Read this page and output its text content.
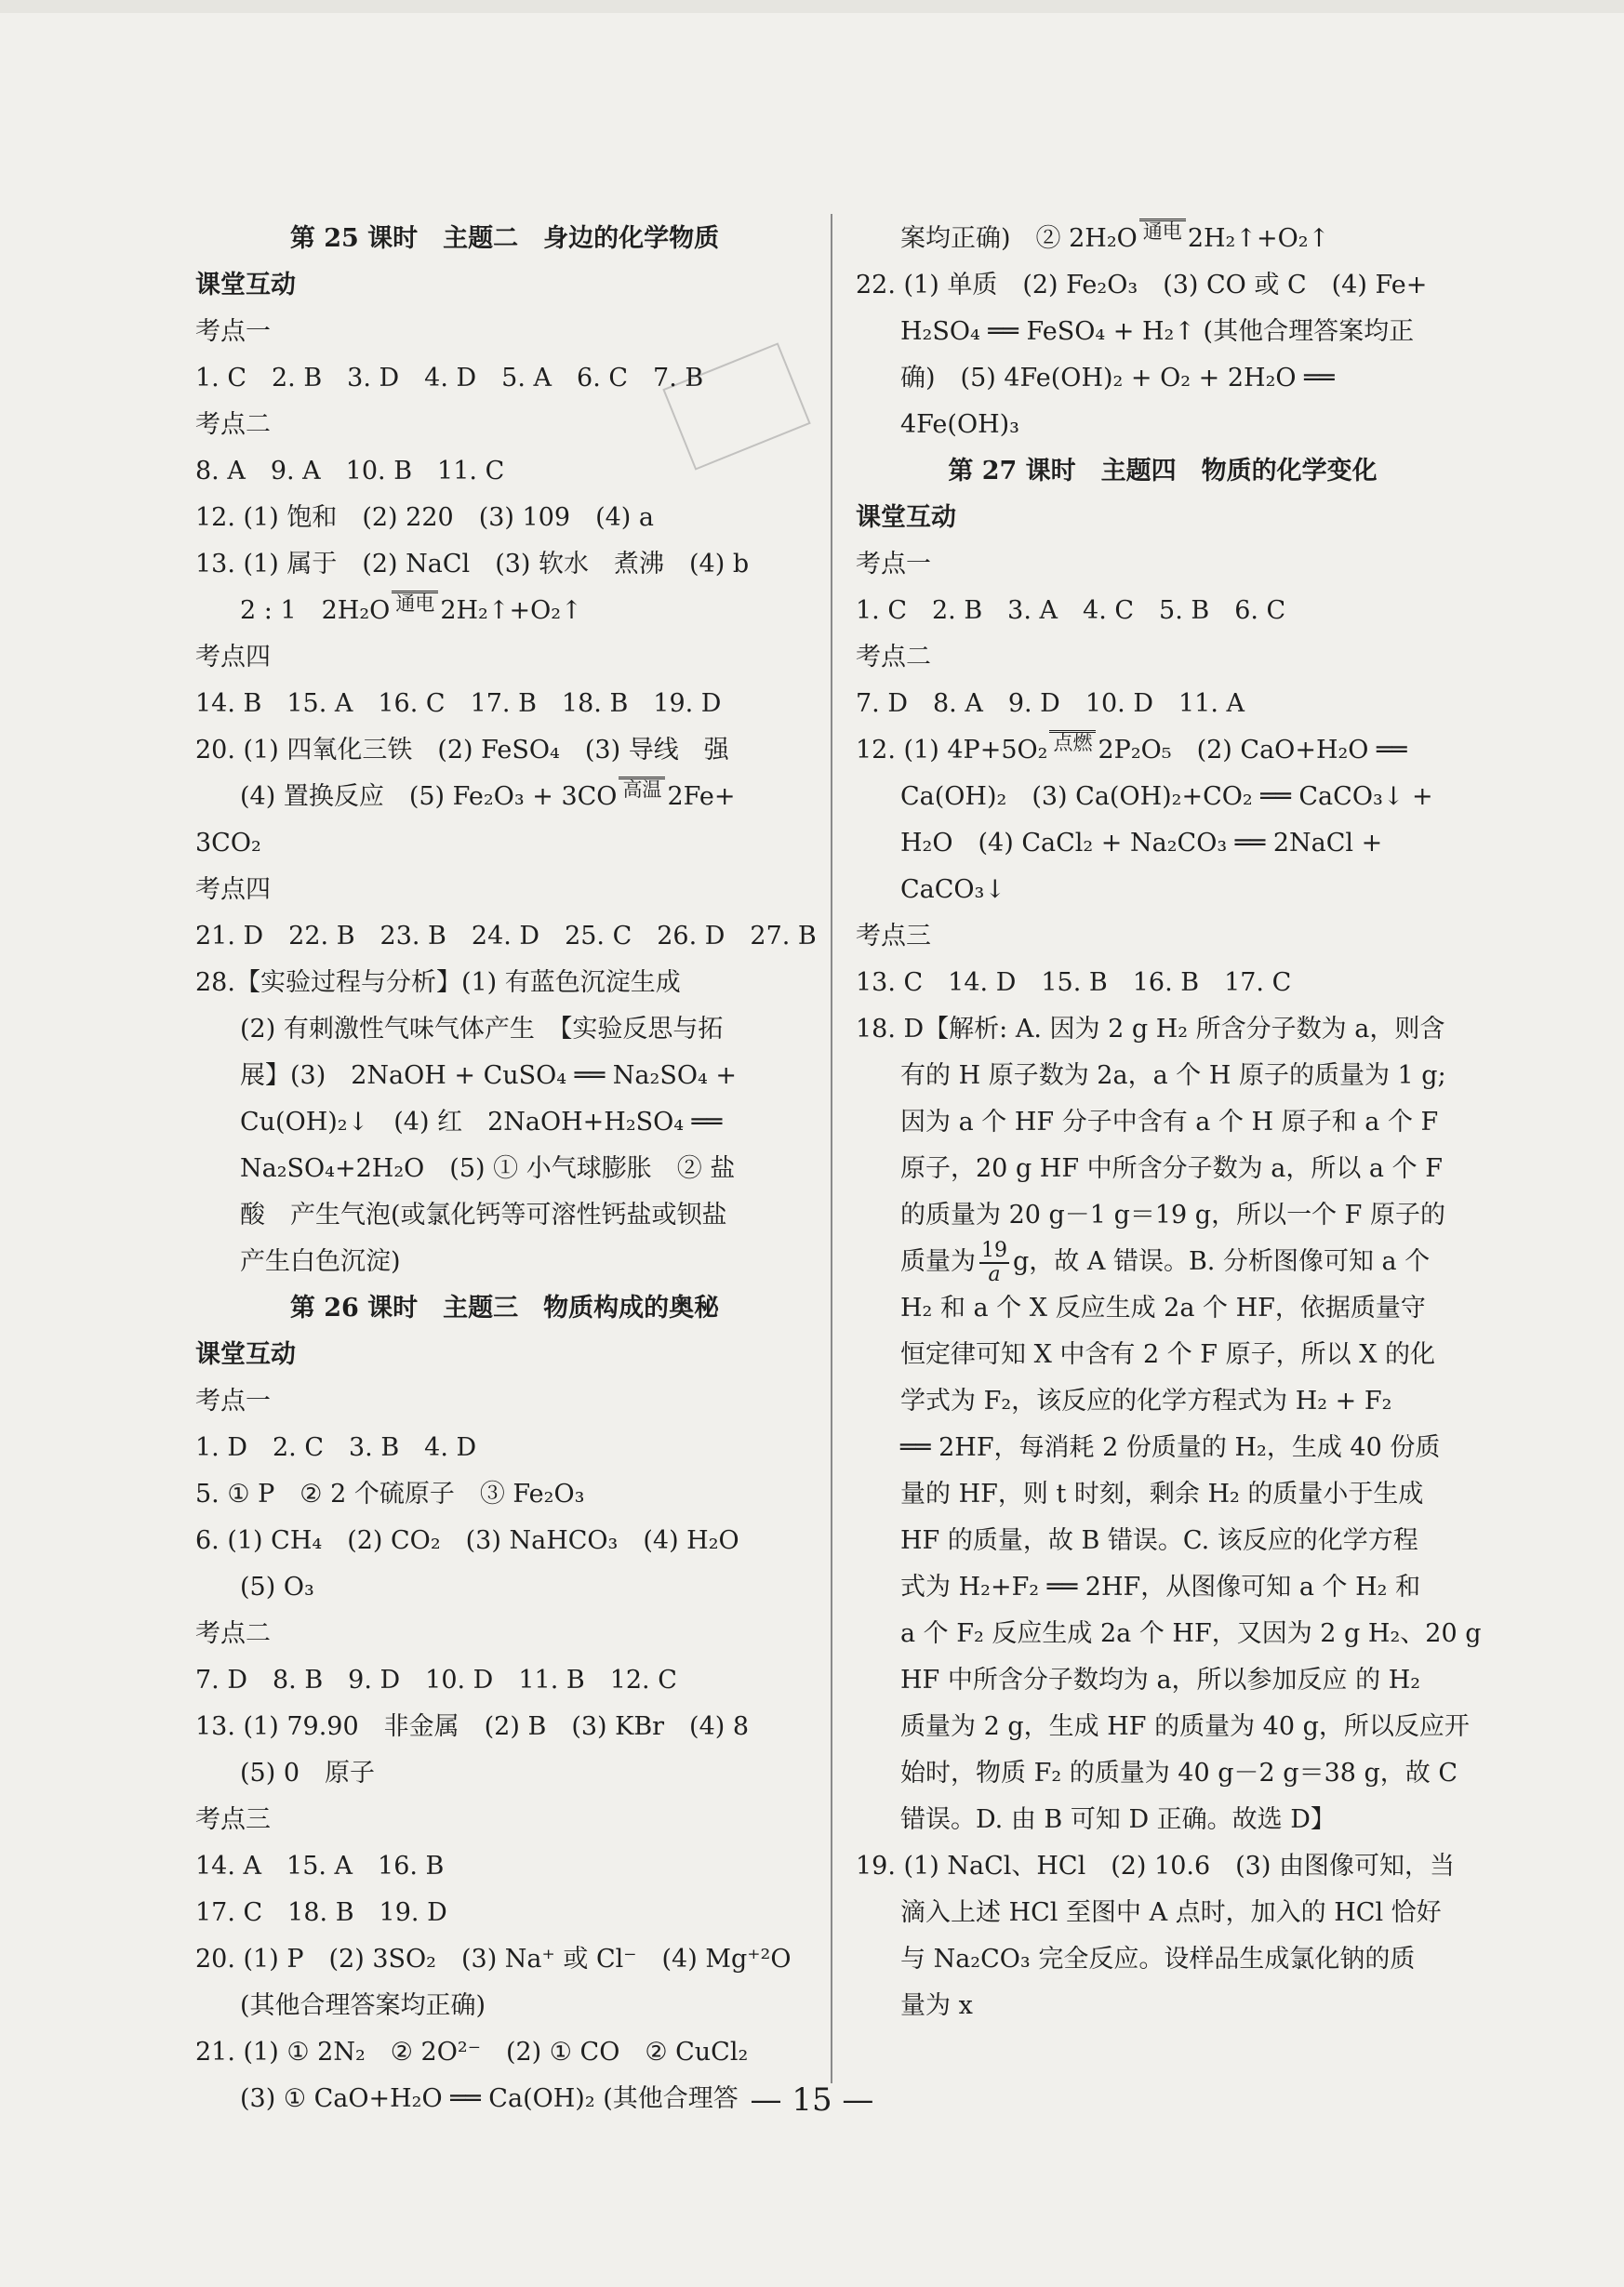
第 25 课时　主题二　身边的化学物质
课堂互动
考点一
1. C　2. B　3. D　4. D　5. A　6. C　7. B
考点二
8. A　9. A　10. B　11. C
12. (1) 饱和　(2) 220　(3) 109　(4) a
13. (1) 属于　(2) NaCl　(3) 软水　煮沸　(4) b
2 : 1　2H₂O 通电 2H₂↑+O₂↑
考点四
14. B　15. A　16. C　17. B　18. B　19. D
20. (1) 四氧化三铁　(2) FeSO₄　(3) 导线　强
(4) 置换反应　(5) Fe₂O₃ + 3CO 高温 2Fe+
3CO₂
考点四
21. D　22. B　23. B　24. D　25. C　26. D　27. B
28.【实验过程与分析】(1) 有蓝色沉淀生成
(2) 有刺激性气味气体产生　【实验反思与拓
展】(3)　2NaOH + CuSO₄ ══ Na₂SO₄ +
Cu(OH)₂↓　(4) 红　2NaOH+H₂SO₄ ══
Na₂SO₄+2H₂O　(5) ① 小气球膨胀　② 盐
酸　产生气泡(或氯化钙等可溶性钙盐或钡盐
产生白色沉淀)
第 26 课时　主题三　物质构成的奥秘
课堂互动
考点一
1. D　2. C　3. B　4. D
5. ① P　② 2 个硫原子　③ Fe₂O₃
6. (1) CH₄　(2) CO₂　(3) NaHCO₃　(4) H₂O
(5) O₃
考点二
7. D　8. B　9. D　10. D　11. B　12. C
13. (1) 79.90　非金属　(2) B　(3) KBr　(4) 8
(5) 0　原子
考点三
14. A　15. A　16. B
17. C　18. B　19. D
20. (1) P　(2) 3SO₂　(3) Na⁺ 或 Cl⁻　(4) Mg⁺²O
(其他合理答案均正确)
21. (1) ① 2N₂　② 2O²⁻　(2) ① CO　② CuCl₂
(3) ① CaO+H₂O ══ Ca(OH)₂ (其他合理答
案均正确)　② 2H₂O 通电 2H₂↑+O₂↑
22. (1) 单质　(2) Fe₂O₃　(3) CO 或 C　(4) Fe+
H₂SO₄ ══ FeSO₄ + H₂↑ (其他合理答案均正
确)　(5) 4Fe(OH)₂ + O₂ + 2H₂O ══
4Fe(OH)₃
第 27 课时　主题四　物质的化学变化
课堂互动
考点一
1. C　2. B　3. A　4. C　5. B　6. C
考点二
7. D　8. A　9. D　10. D　11. A
12. (1) 4P+5O₂ 点燃 2P₂O₅　(2) CaO+H₂O ══
Ca(OH)₂　(3) Ca(OH)₂+CO₂ ══ CaCO₃↓ +
H₂O　(4) CaCl₂ + Na₂CO₃ ══ 2NaCl +
CaCO₃↓
考点三
13. C　14. D　15. B　16. B　17. C
18. D【解析: A. 因为 2 g H₂ 所含分子数为 a，则含
有的 H 原子数为 2a，a 个 H 原子的质量为 1 g;
因为 a 个 HF 分子中含有 a 个 H 原子和 a 个 F
原子，20 g HF 中所含分子数为 a，所以 a 个 F
的质量为 20 g－1 g＝19 g，所以一个 F 原子的
质量为 $\frac{19}{a}$ g，故 A 错误。B. 分析图像可知 a 个
H₂ 和 a 个 X 反应生成 2a 个 HF，依据质量守
恒定律可知 X 中含有 2 个 F 原子，所以 X 的化
学式为 F₂，该反应的化学方程式为 H₂ + F₂
══ 2HF，每消耗 2 份质量的 H₂，生成 40 份质
量的 HF，则 t 时刻，剩余 H₂ 的质量小于生成
HF 的质量，故 B 错误。C. 该反应的化学方程
式为 H₂+F₂ ══ 2HF，从图像可知 a 个 H₂ 和
a 个 F₂ 反应生成 2a 个 HF，又因为 2 g H₂、20 g
HF 中所含分子数均为 a，所以参加反应 的 H₂
质量为 2 g，生成 HF 的质量为 40 g，所以反应开
始时，物质 F₂ 的质量为 40 g－2 g＝38 g，故 C
错误。D. 由 B 可知 D 正确。故选 D】
19. (1) NaCl、HCl　(2) 10.6　(3) 由图像可知，当
滴入上述 HCl 至图中 A 点时，加入的 HCl 恰好
与 Na₂CO₃ 完全反应。设样品生成氯化钠的质
量为 x
— 15 —
